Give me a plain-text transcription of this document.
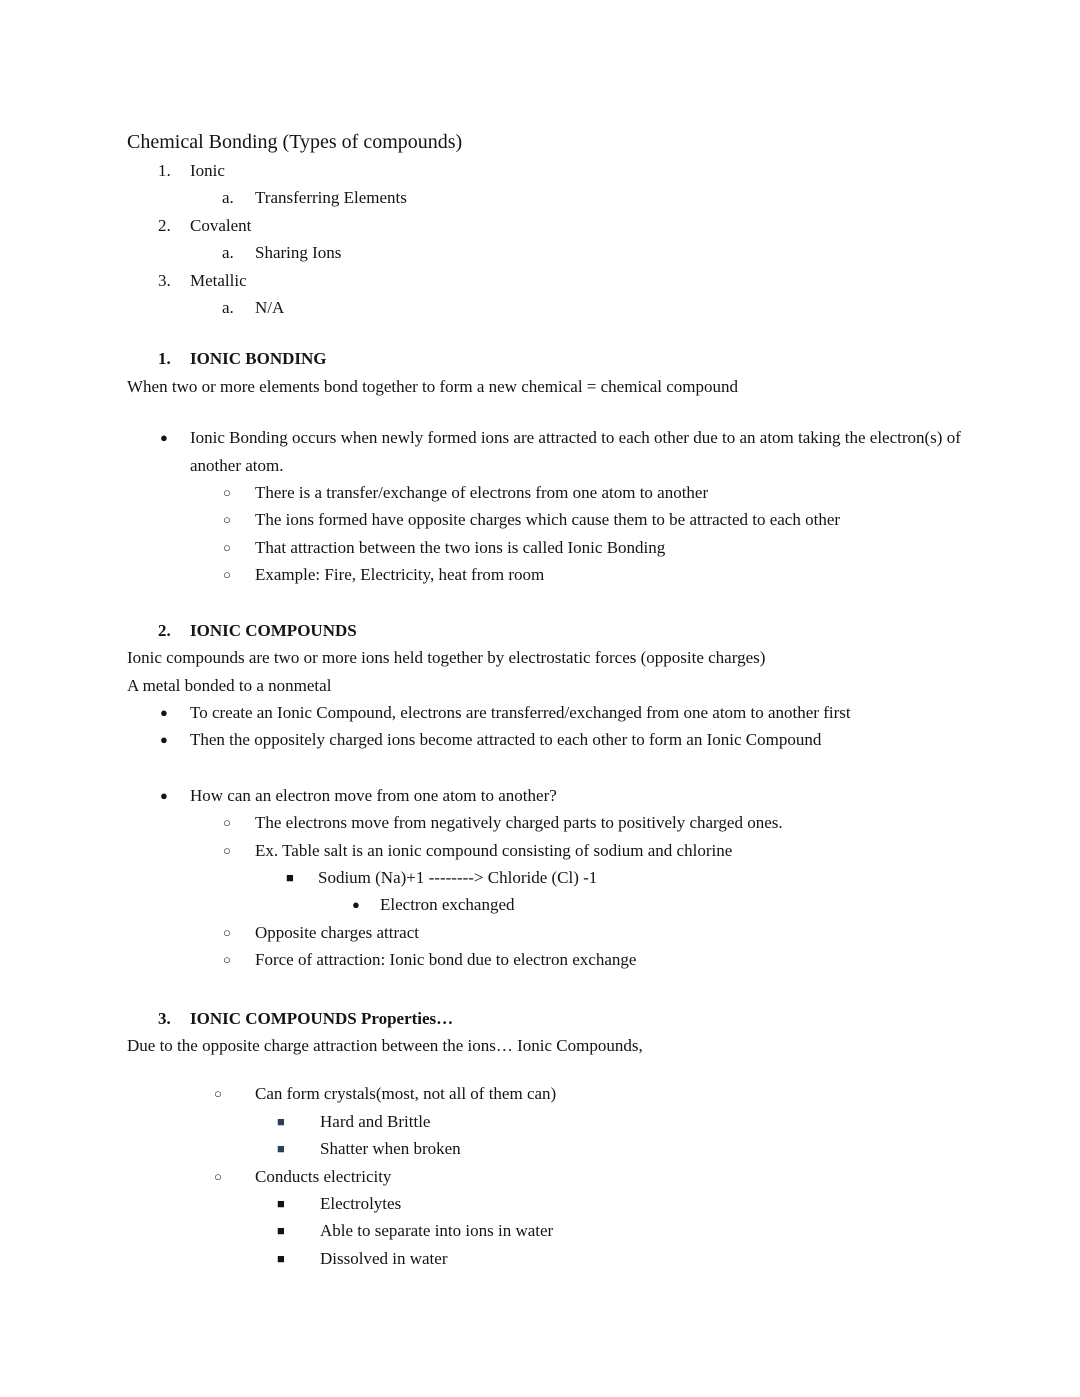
Chemical Bonding (Types of compounds)
1. Ionic
a. Transferring Elements
2. Covalent
a. Sharing Ions
3. Metallic
a. N/A
1. IONIC BONDING
When two or more elements bond together to form a new chemical = chemical compound
● Ionic Bonding occurs when newly formed ions are attracted to each other due to an atom taking the electron(s) of another atom.
○ There is a transfer/exchange of electrons from one atom to another
○ The ions formed have opposite charges which cause them to be attracted to each other
○ That attraction between the two ions is called Ionic Bonding
○ Example: Fire, Electricity, heat from room
2. IONIC COMPOUNDS
Ionic compounds are two or more ions held together by electrostatic forces (opposite charges)
A metal bonded to a nonmetal
● To create an Ionic Compound, electrons are transferred/exchanged from one atom to another first
● Then the oppositely charged ions become attracted to each other to form an Ionic Compound
● How can an electron move from one atom to another?
○ The electrons move from negatively charged parts to positively charged ones.
○ Ex. Table salt is an ionic compound consisting of sodium and chlorine
■ Sodium (Na)+1 --------> Chloride (Cl) -1
● Electron exchanged
○ Opposite charges attract
○ Force of attraction: Ionic bond due to electron exchange
3. IONIC COMPOUNDS Properties…
Due to the opposite charge attraction between the ions… Ionic Compounds,
○ Can form crystals(most, not all of them can)
■ Hard and Brittle
■ Shatter when broken
○ Conducts electricity
■ Electrolytes
■ Able to separate into ions in water
■ Dissolved in water
